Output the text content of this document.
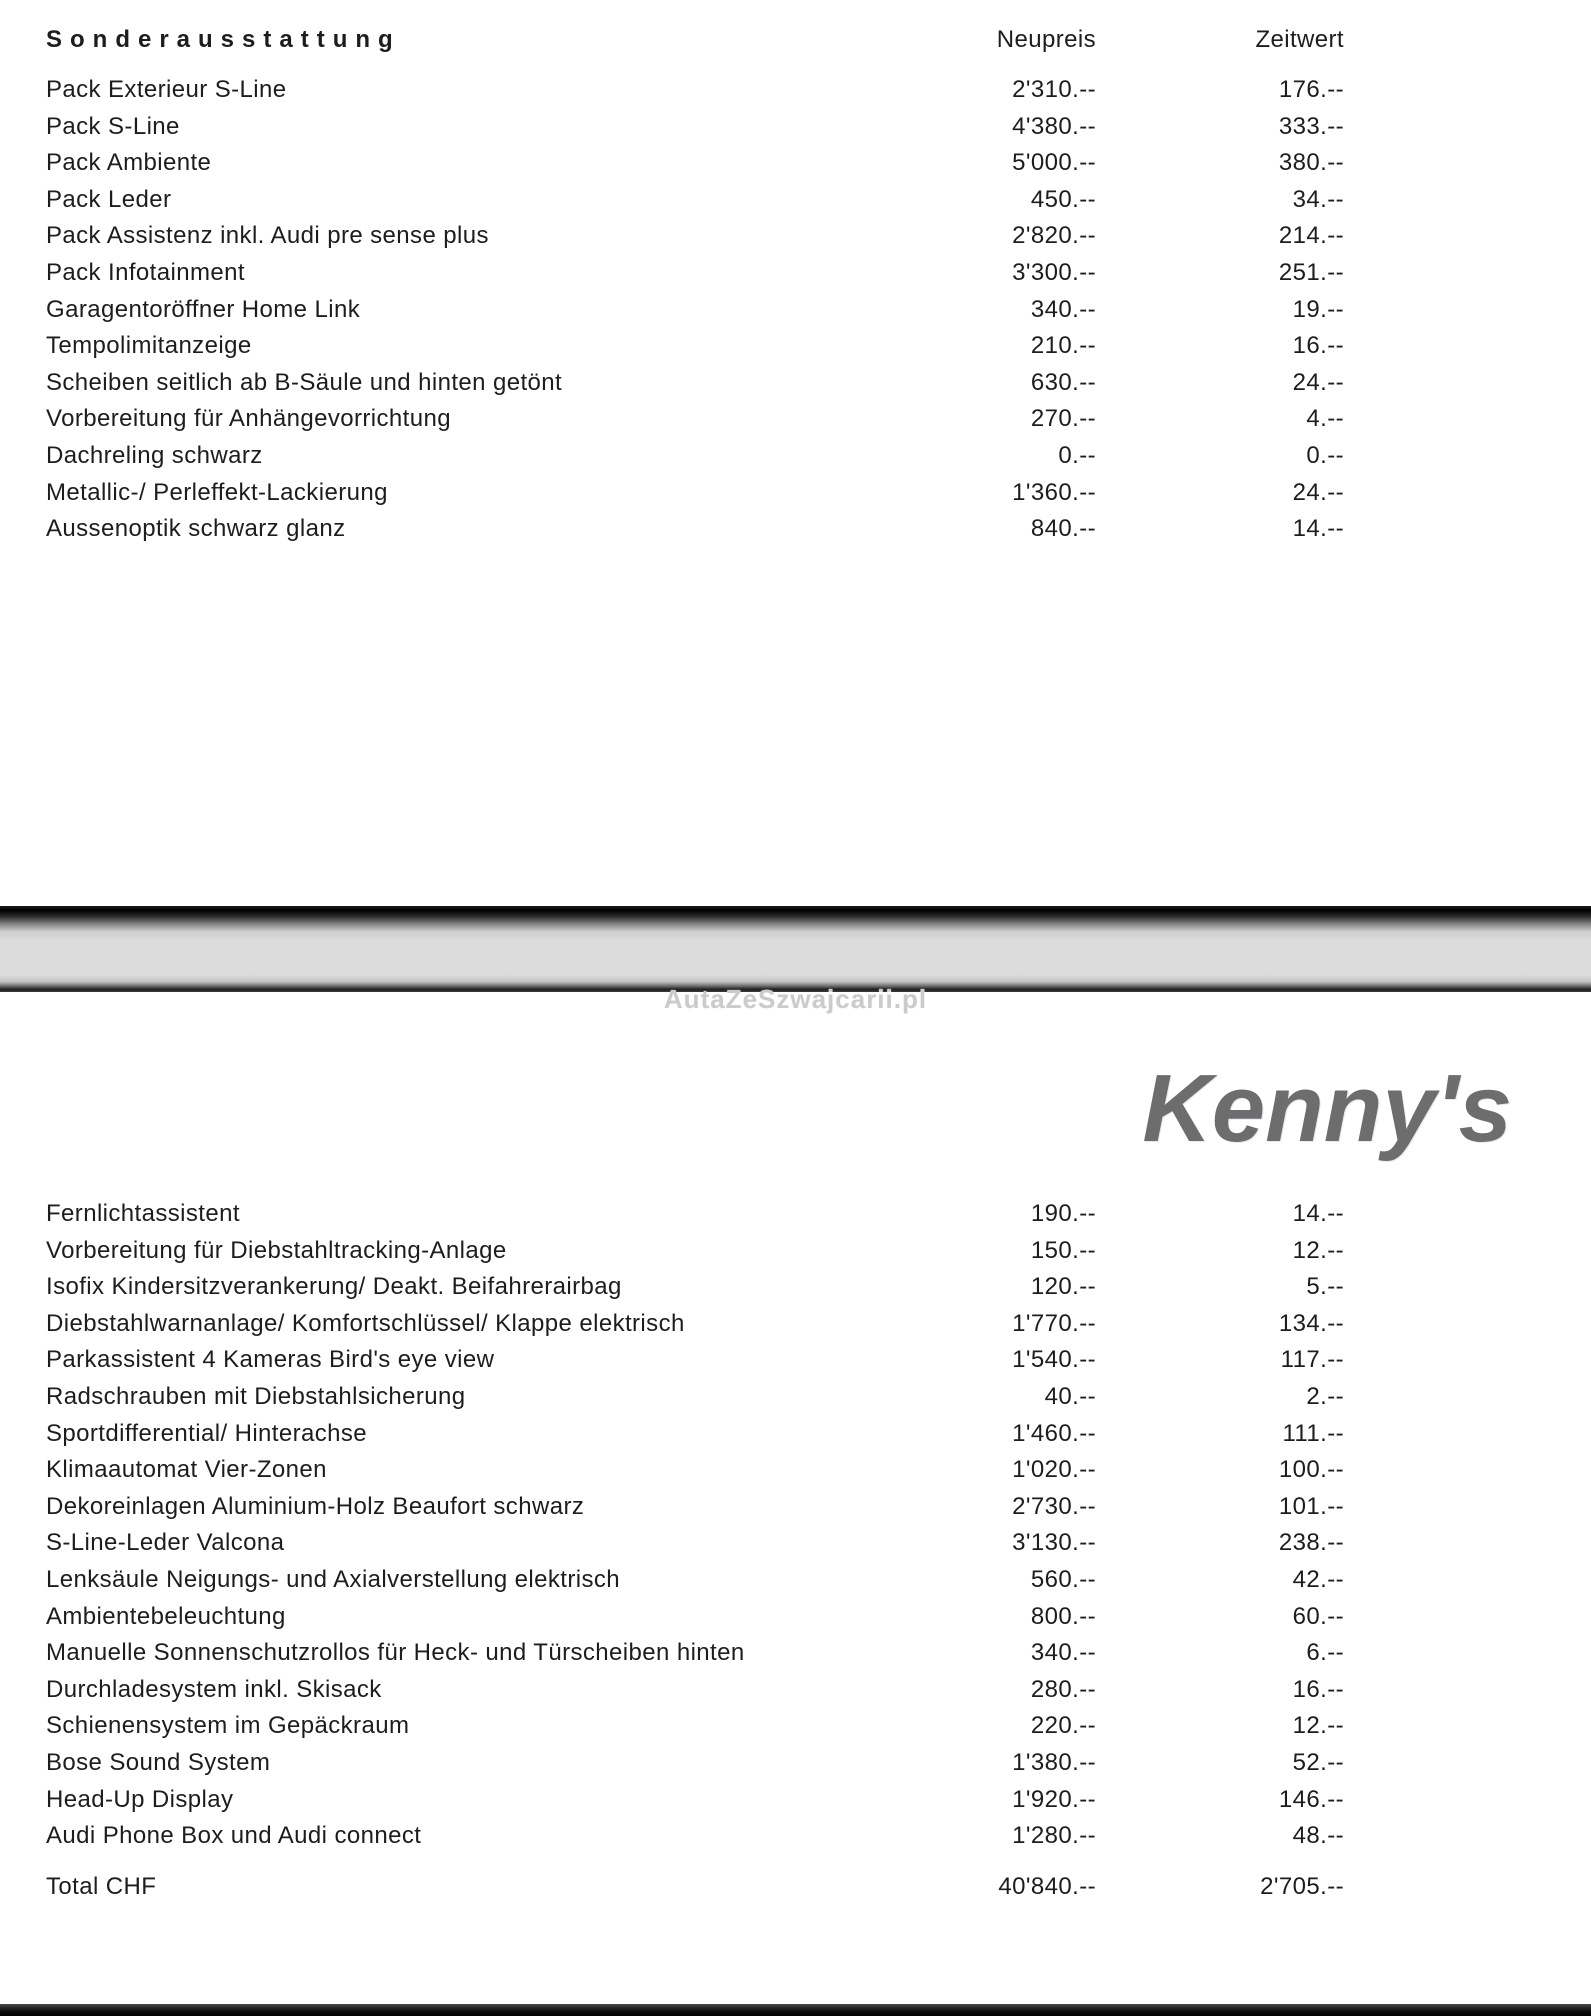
Sonderausstattung	Neupreis	Zeitwert
Pack Exterieur S-Line	2'310.--	176.--
Pack S-Line	4'380.--	333.--
Pack Ambiente	5'000.--	380.--
Pack Leder	450.--	34.--
Pack Assistenz inkl. Audi pre sense plus	2'820.--	214.--
Pack Infotainment	3'300.--	251.--
Garagentoröffner Home Link	340.--	19.--
Tempolimitanzeige	210.--	16.--
Scheiben seitlich ab B-Säule und hinten getönt	630.--	24.--
Vorbereitung für Anhängevorrichtung	270.--	4.--
Dachreling schwarz	0.--	0.--
Metallic-/ Perleffekt-Lackierung	1'360.--	24.--
Aussenoptik schwarz glanz	840.--	14.--
AutaZeSzwajcarii.pl
Kenny's
Fernlichtassistent	190.--	14.--
Vorbereitung für Diebstahltracking-Anlage	150.--	12.--
Isofix Kindersitzverankerung/ Deakt. Beifahrerairbag	120.--	5.--
Diebstahlwarnanlage/ Komfortschlüssel/ Klappe elektrisch	1'770.--	134.--
Parkassistent 4 Kameras Bird's eye view	1'540.--	117.--
Radschrauben mit Diebstahlsicherung	40.--	2.--
Sportdifferential/ Hinterachse	1'460.--	111.--
Klimaautomat Vier-Zonen	1'020.--	100.--
Dekoreinlagen Aluminium-Holz Beaufort schwarz	2'730.--	101.--
S-Line-Leder Valcona	3'130.--	238.--
Lenksäule Neigungs- und Axialverstellung elektrisch	560.--	42.--
Ambientebeleuchtung	800.--	60.--
Manuelle Sonnenschutzrollos für Heck- und Türscheiben hinten	340.--	6.--
Durchladesystem inkl. Skisack	280.--	16.--
Schienensystem im Gepäckraum	220.--	12.--
Bose Sound System	1'380.--	52.--
Head-Up Display	1'920.--	146.--
Audi Phone Box und Audi connect	1'280.--	48.--
Total CHF	40'840.--	2'705.--
